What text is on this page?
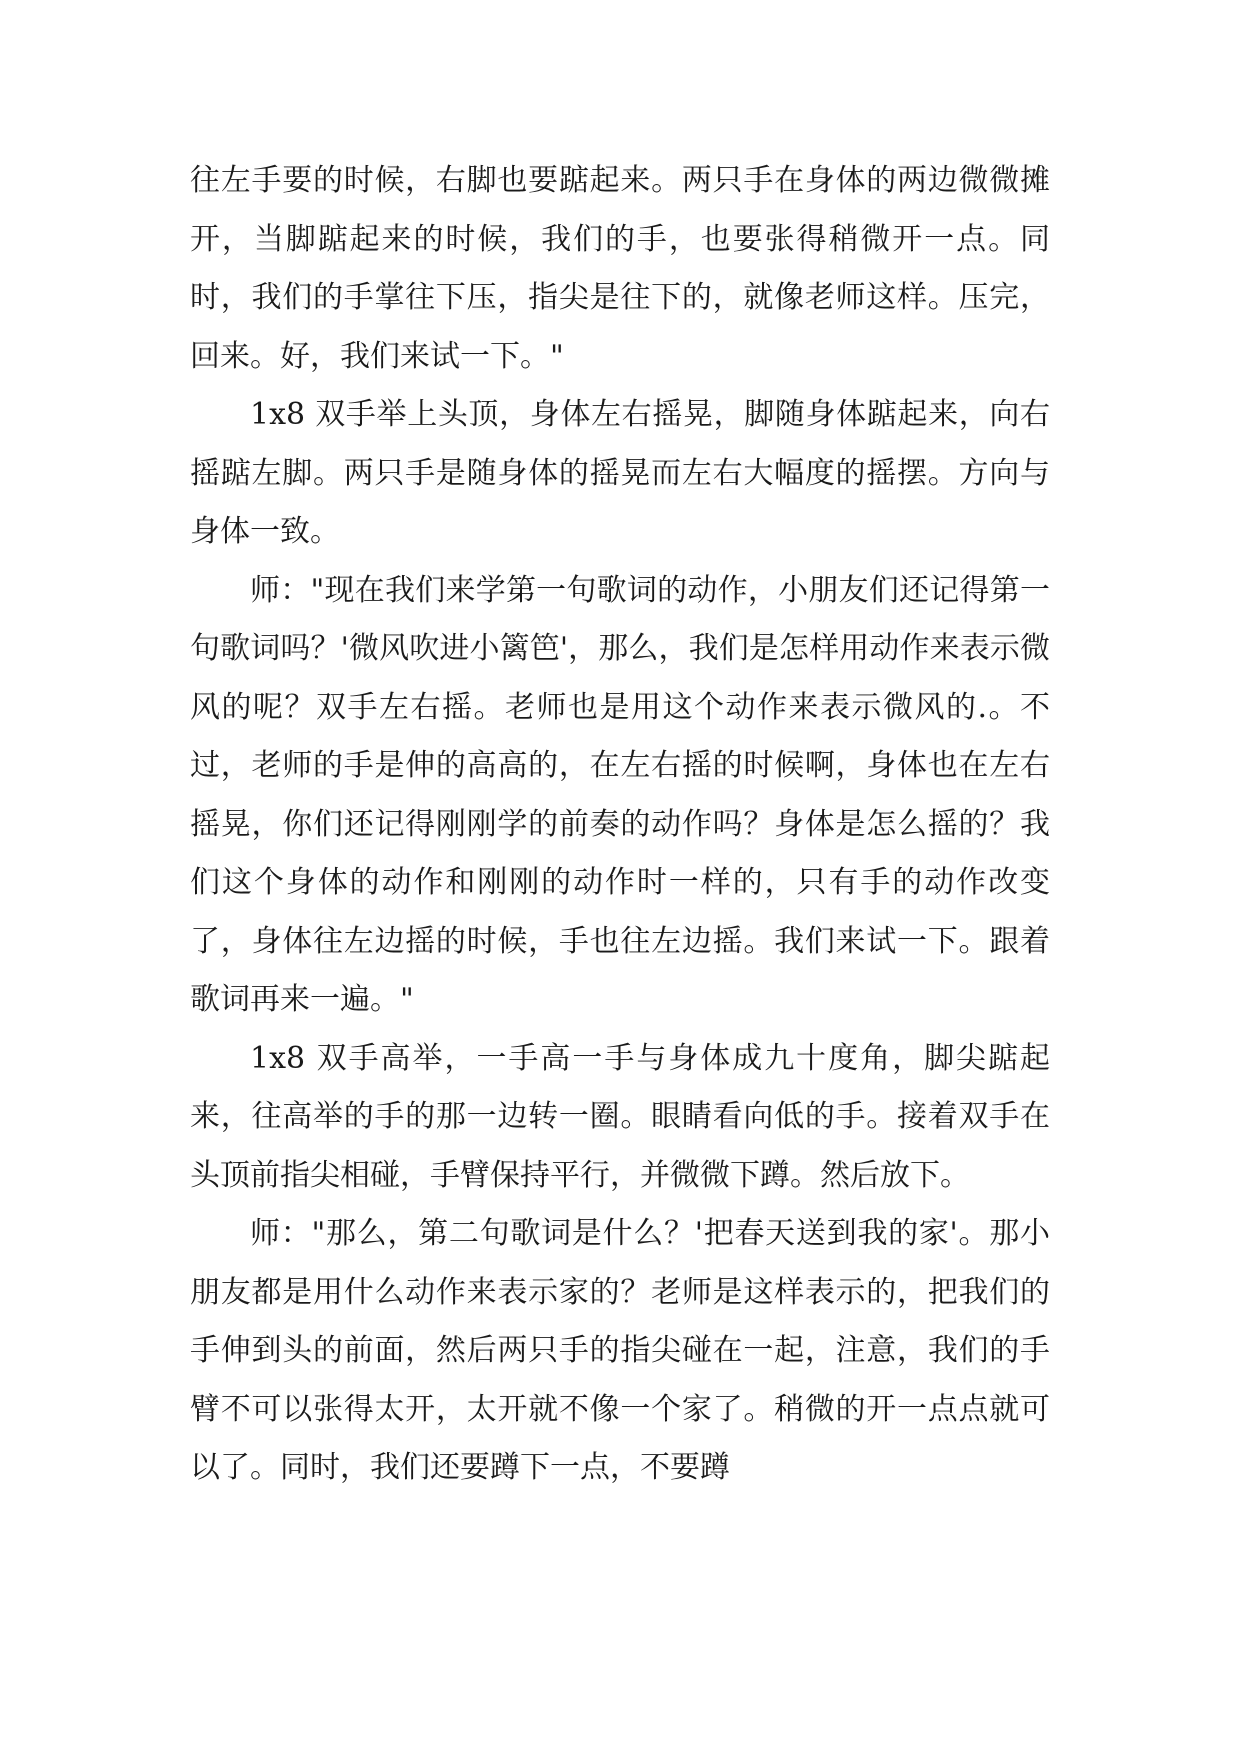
往左手要的时候，右脚也要踮起来。两只手在身体的两边微微摊开，当脚踮起来的时候，我们的手，也要张得稍微开一点。同时，我们的手掌往下压，指尖是往下的，就像老师这样。压完，回来。好，我们来试一下。"

1x8 双手举上头顶，身体左右摇晃，脚随身体踮起来，向右摇踮左脚。两只手是随身体的摇晃而左右大幅度的摇摆。方向与身体一致。

师："现在我们来学第一句歌词的动作，小朋友们还记得第一句歌词吗？'微风吹进小篱笆'，那么，我们是怎样用动作来表示微风的呢？双手左右摇。老师也是用这个动作来表示微风的.。不过，老师的手是伸的高高的，在左右摇的时候啊，身体也在左右摇晃，你们还记得刚刚学的前奏的动作吗？身体是怎么摇的？我们这个身体的动作和刚刚的动作时一样的，只有手的动作改变了，身体往左边摇的时候，手也往左边摇。我们来试一下。跟着歌词再来一遍。"

1x8 双手高举，一手高一手与身体成九十度角，脚尖踮起来，往高举的手的那一边转一圈。眼睛看向低的手。接着双手在头顶前指尖相碰，手臂保持平行，并微微下蹲。然后放下。

师："那么，第二句歌词是什么？'把春天送到我的家'。那小朋友都是用什么动作来表示家的？老师是这样表示的，把我们的手伸到头的前面，然后两只手的指尖碰在一起，注意，我们的手臂不可以张得太开，太开就不像一个家了。稍微的开一点点就可以了。同时，我们还要蹲下一点，不要蹲
